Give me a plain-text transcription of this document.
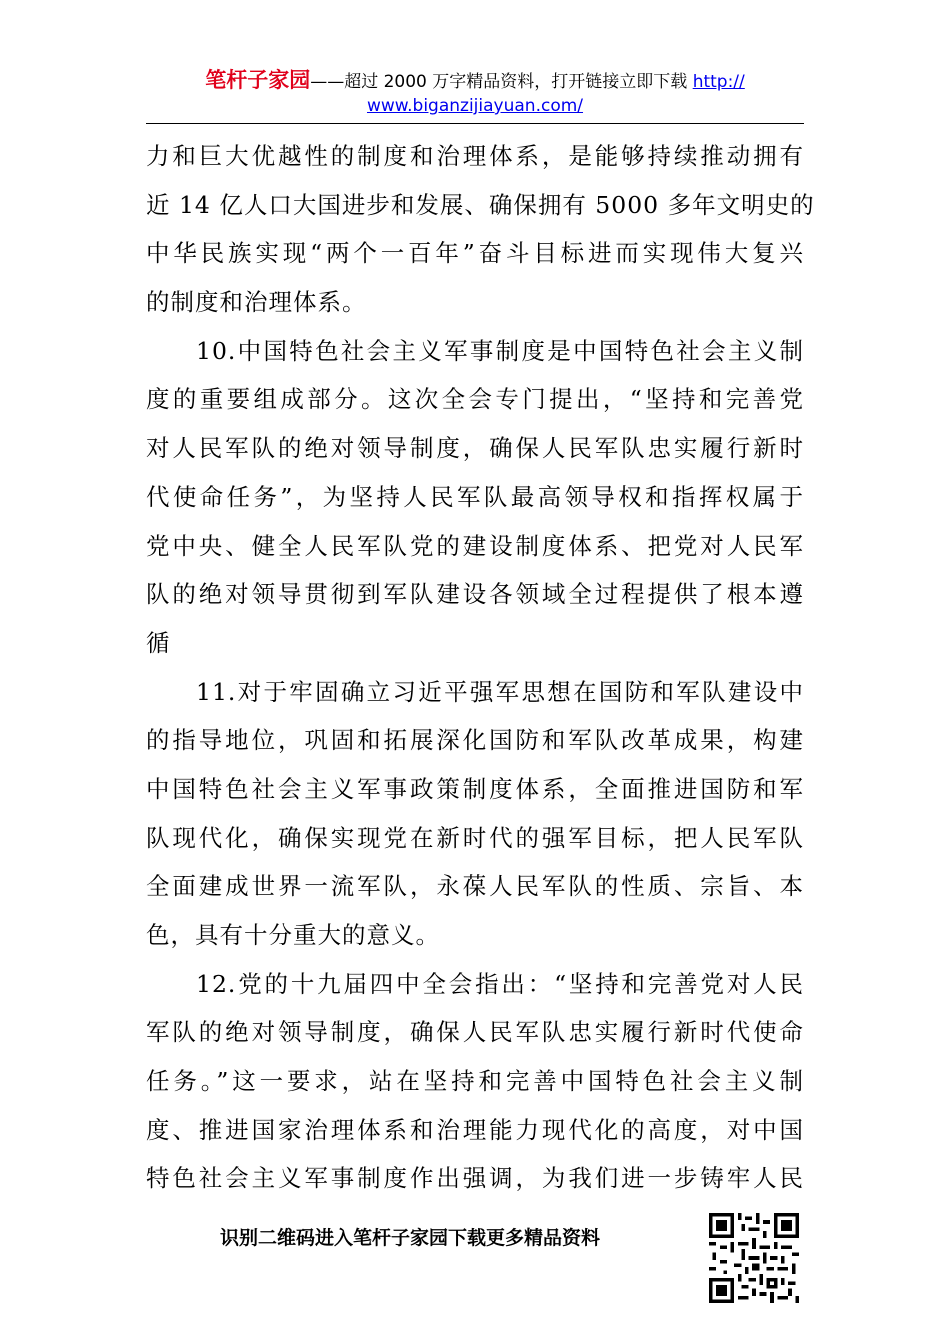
笔杆子家园——超过 2000 万字精品资料，打开链接立即下载 http://
www.biganzijiayuan.com/
力和巨大优越性的制度和治理体系，是能够持续推动拥有
近 14 亿人口大国进步和发展、确保拥有 5000 多年文明史的
中华民族实现“两个一百年”奋斗目标进而实现伟大复兴
的制度和治理体系。
10.中国特色社会主义军事制度是中国特色社会主义制
度的重要组成部分。这次全会专门提出，“坚持和完善党
对人民军队的绝对领导制度，确保人民军队忠实履行新时
代使命任务”，为坚持人民军队最高领导权和指挥权属于
党中央、健全人民军队党的建设制度体系、把党对人民军
队的绝对领导贯彻到军队建设各领域全过程提供了根本遵
循
11.对于牢固确立习近平强军思想在国防和军队建设中
的指导地位，巩固和拓展深化国防和军队改革成果，构建
中国特色社会主义军事政策制度体系，全面推进国防和军
队现代化，确保实现党在新时代的强军目标，把人民军队
全面建成世界一流军队，永葆人民军队的性质、宗旨、本
色，具有十分重大的意义。
12.党的十九届四中全会指出：“坚持和完善党对人民
军队的绝对领导制度，确保人民军队忠实履行新时代使命
任务。”这一要求，站在坚持和完善中国特色社会主义制
度、推进国家治理体系和治理能力现代化的高度，对中国
特色社会主义军事制度作出强调，为我们进一步铸牢人民
识别二维码进入笔杆子家园下载更多精品资料
